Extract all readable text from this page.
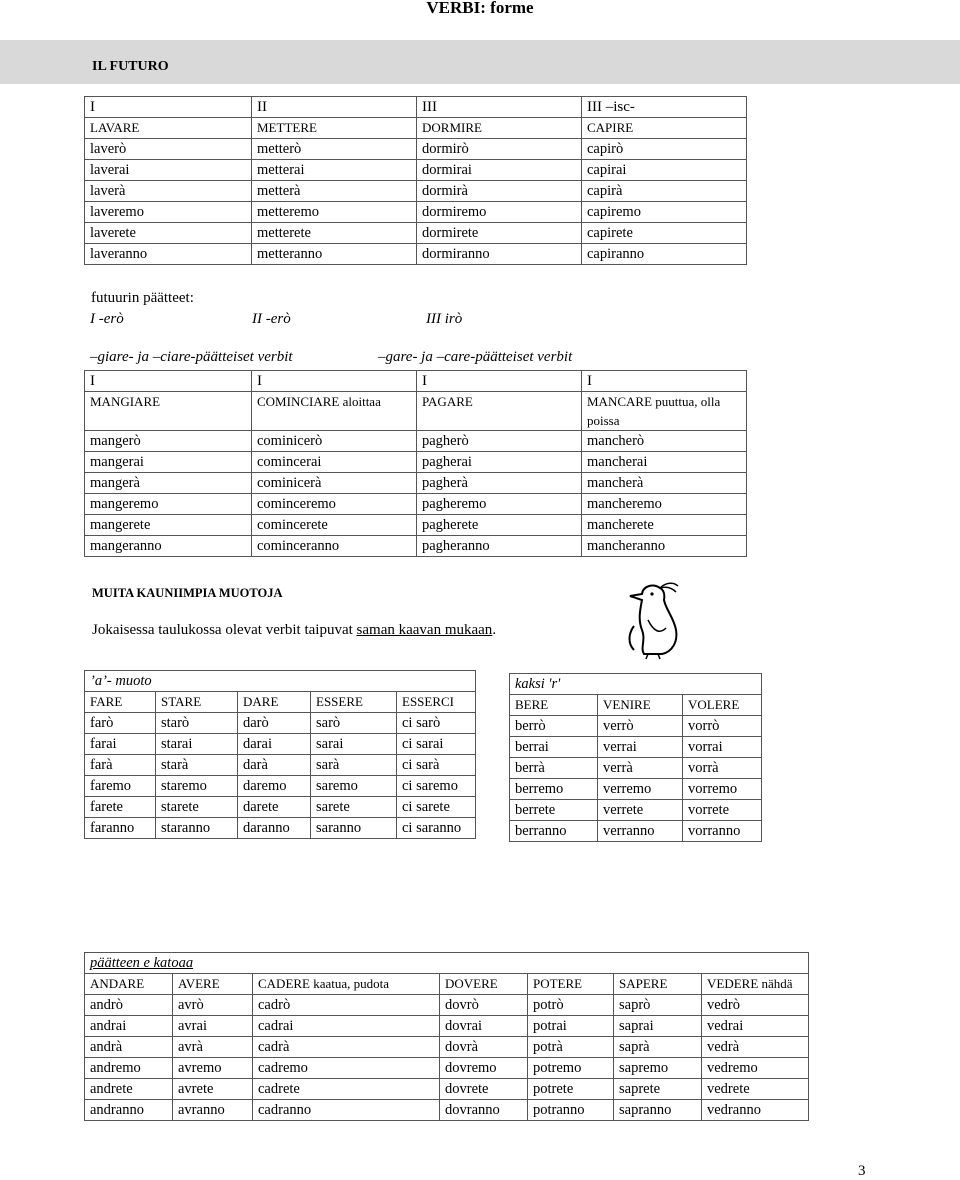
VERBI: forme
IL FUTURO
I	II	III	III –isc-
LAVARE	METTERE	DORMIRE	CAPIRE
laverò	metterò	dormirò	capirò
laverai	metterai	dormirai	capirai
laverà	metterà	dormirà	capirà
laveremo	metteremo	dormiremo	capiremo
laverete	metterete	dormirete	capirete
laveranno	metteranno	dormiranno	capiranno

futuurin päätteet:

I -erò	II -erò	III irò

–giare- ja –ciare-päätteiset verbit	–gare- ja –care-päätteiset verbit

I	I	I	I
MANGIARE	COMINCIARE aloittaa	PAGARE	MANCARE puuttua, olla poissa
mangerò	cominicerò	pagherò	mancherò
mangerai	comincerai	pagherai	mancherai
mangerà	cominicerà	pagherà	mancherà
mangeremo	cominceremo	pagheremo	mancheremo
mangerete	comincerete	pagherete	mancherete
mangeranno	cominceranno	pagheranno	mancheranno
MUITA KAUNIIMPIA MUOTOJA

Jokaisessa taulukossa olevat verbit taipuvat saman kaavan mukaan.

’a’- muoto				
FARE	STARE	DARE	ESSERE	ESSERCI
farò	starò	darò	sarò	ci sarò
farai	starai	darai	sarai	ci sarai
farà	starà	darà	sarà	ci sarà
faremo	staremo	daremo	saremo	ci saremo
farete	starete	darete	sarete	ci sarete
faranno	staranno	daranno	saranno	ci saranno
kaksi 'r'		
BERE	VENIRE	VOLERE
berrò	verrò	vorrò
berrai	verrai	vorrai
berrà	verrà	vorrà
berremo	verremo	vorremo
berrete	verrete	vorrete
berranno	verranno	vorranno
päätteen e katoaa						
ANDARE	AVERE	CADERE kaatua, pudota	DOVERE	POTERE	SAPERE	VEDERE nähdä
andrò	avrò	cadrò	dovrò	potrò	saprò	vedrò
andrai	avrai	cadrai	dovrai	potrai	saprai	vedrai
andrà	avrà	cadrà	dovrà	potrà	saprà	vedrà
andremo	avremo	cadremo	dovremo	potremo	sapremo	vedremo
andrete	avrete	cadrete	dovrete	potrete	saprete	vedrete
andranno	avranno	cadranno	dovranno	potranno	sapranno	vedranno
3
